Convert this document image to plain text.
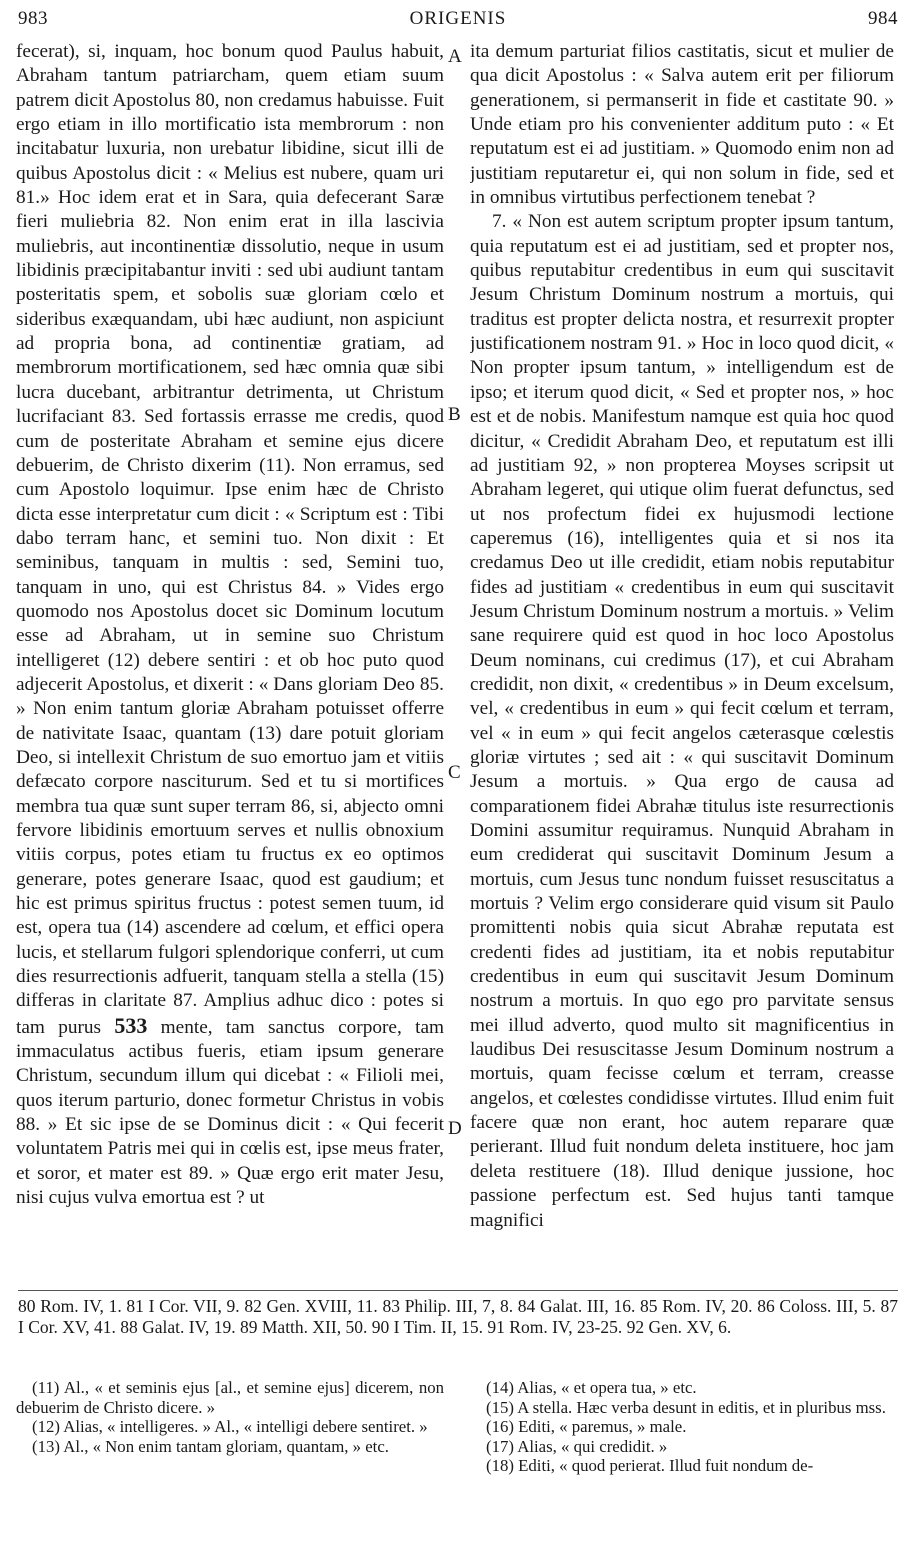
983	ORIGENIS	984

fecerat), si, inquam, hoc bonum quod Paulus habuit, Abraham tantum patriarcham, quem etiam suum patrem dicit Apostolus 80, non credamus habuisse. Fuit ergo etiam in illo mortificatio ista membrorum : non incitabatur luxuria, non urebatur libidine, sicut illi de quibus Apostolus dicit : « Melius est nubere, quam uri 81.» Hoc idem erat et in Sara, quia defecerant Saræ fieri muliebria 82. Non enim erat in illa lascivia muliebris, aut incontinentiæ dissolutio, neque in usum libidinis præcipitabantur inviti : sed ubi audiunt tantam posteritatis spem, et sobolis suæ gloriam cœlo et sideribus exæquandam, ubi hæc audiunt, non aspiciunt ad propria bona, ad continentiæ gratiam, ad membrorum mortificationem, sed hæc omnia quæ sibi lucra ducebant, arbitrantur detrimenta, ut Christum lucrifaciant 83. Sed fortassis errasse me credis, quod cum de posteritate Abraham et semine ejus dicere debuerim, de Christo dixerim (11). Non erramus, sed cum Apostolo loquimur. Ipse enim hæc de Christo dicta esse interpretatur cum dicit : « Scriptum est : Tibi dabo terram hanc, et semini tuo. Non dixit : Et seminibus, tanquam in multis : sed, Semini tuo, tanquam in uno, qui est Christus 84. » Vides ergo quomodo nos Apostolus docet sic Dominum locutum esse ad Abraham, ut in semine suo Christum intelligeret (12) debere sentiri : et ob hoc puto quod adjecerit Apostolus, et dixerit : « Dans gloriam Deo 85. » Non enim tantum gloriæ Abraham potuisset offerre de nativitate Isaac, quantam (13) dare potuit gloriam Deo, si intellexit Christum de suo emortuo jam et vitiis defæcato corpore nasciturum. Sed et tu si mortifices membra tua quæ sunt super terram 86, si, abjecto omni fervore libidinis emortuum serves et nullis obnoxium vitiis corpus, potes etiam tu fructus ex eo optimos generare, potes generare Isaac, quod est gaudium; et hic est primus spiritus fructus : potest semen tuum, id est, opera tua (14) ascendere ad cœlum, et effici opera lucis, et stellarum fulgori splendorique conferri, ut cum dies resurrectionis adfuerit, tanquam stella a stella (15) differas in claritate 87. Amplius adhuc dico : potes si tam purus 533 mente, tam sanctus corpore, tam immaculatus actibus fueris, etiam ipsum generare Christum, secundum illum qui dicebat : « Filioli mei, quos iterum parturio, donec formetur Christus in vobis 88. » Et sic ipse de se Dominus dicit : « Qui fecerit voluntatem Patris mei qui in cœlis est, ipse meus frater, et soror, et mater est 89. » Quæ ergo erit mater Jesu, nisi cujus vulva emortua est ? ut

A
B
C
D

ita demum parturiat filios castitatis, sicut et mulier de qua dicit Apostolus : « Salva autem erit per filiorum generationem, si permanserit in fide et castitate 90. » Unde etiam pro his convenienter additum puto : « Et reputatum est ei ad justitiam. » Quomodo enim non ad justitiam reputaretur ei, qui non solum in fide, sed et in omnibus virtutibus perfectionem tenebat ?

7. « Non est autem scriptum propter ipsum tantum, quia reputatum est ei ad justitiam, sed et propter nos, quibus reputabitur credentibus in eum qui suscitavit Jesum Christum Dominum nostrum a mortuis, qui traditus est propter delicta nostra, et resurrexit propter justificationem nostram 91. » Hoc in loco quod dicit, « Non propter ipsum tantum, » intelligendum est de ipso; et iterum quod dicit, « Sed et propter nos, » hoc est et de nobis. Manifestum namque est quia hoc quod dicitur, « Credidit Abraham Deo, et reputatum est illi ad justitiam 92, » non propterea Moyses scripsit ut Abraham legeret, qui utique olim fuerat defunctus, sed ut nos profectum fidei ex hujusmodi lectione caperemus (16), intelligentes quia et si nos ita credamus Deo ut ille credidit, etiam nobis reputabitur fides ad justitiam « credentibus in eum qui suscitavit Jesum Christum Dominum nostrum a mortuis. » Velim sane requirere quid est quod in hoc loco Apostolus Deum nominans, cui credimus (17), et cui Abraham credidit, non dixit, « credentibus » in Deum excelsum, vel, « credentibus in eum » qui fecit cœlum et terram, vel « in eum » qui fecit angelos cæterasque cœlestis gloriæ virtutes ; sed ait : « qui suscitavit Dominum Jesum a mortuis. » Qua ergo de causa ad comparationem fidei Abrahæ titulus iste resurrectionis Domini assumitur requiramus. Nunquid Abraham in eum crediderat qui suscitavit Dominum Jesum a mortuis, cum Jesus tunc nondum fuisset resuscitatus a mortuis ? Velim ergo considerare quid visum sit Paulo promittenti nobis quia sicut Abrahæ reputata est credenti fides ad justitiam, ita et nobis reputabitur credentibus in eum qui suscitavit Jesum Dominum nostrum a mortuis. In quo ego pro parvitate sensus mei illud adverto, quod multo sit magnificentius in laudibus Dei resuscitasse Jesum Dominum nostrum a mortuis, quam fecisse cœlum et terram, creasse angelos, et cœlestes condidisse virtutes. Illud enim fuit facere quæ non erant, hoc autem reparare quæ perierant. Illud fuit nondum deleta instituere, hoc jam deleta restituere (18). Illud denique jussione, hoc passione perfectum est. Sed hujus tanti tamque magnifici

80 Rom. IV, 1. 81 I Cor. VII, 9. 82 Gen. XVIII, 11. 83 Philip. III, 7, 8. 84 Galat. III, 16. 85 Rom. IV, 20. 86 Coloss. III, 5. 87 I Cor. XV, 41. 88 Galat. IV, 19. 89 Matth. XII, 50. 90 I Tim. II, 15. 91 Rom. IV, 23-25. 92 Gen. XV, 6.

(11) Al., « et seminis ejus [al., et semine ejus] dicerem, non debuerim de Christo dicere. »

(12) Alias, « intelligeres. » Al., « intelligi debere sentiret. »

(13) Al., « Non enim tantam gloriam, quantam, » etc.

(14) Alias, « et opera tua, » etc.

(15) A stella. Hæc verba desunt in editis, et in pluribus mss.

(16) Editi, « paremus, » male.

(17) Alias, « qui credidit. »

(18) Editi, « quod perierat. Illud fuit nondum de-
